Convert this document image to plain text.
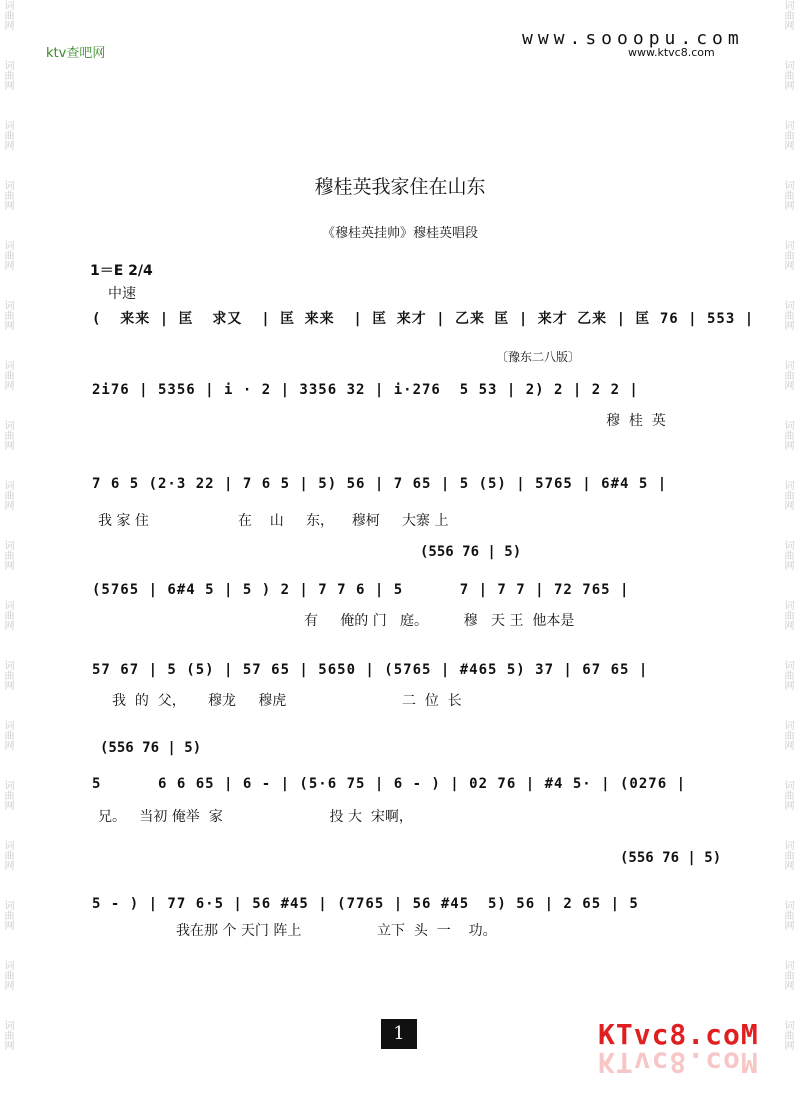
词曲网
词曲网
词曲网
词曲网
词曲网
词曲网
词曲网
词曲网
词曲网
词曲网
词曲网
词曲网
词曲网
词曲网
词曲网
词曲网
词曲网
词曲网
词曲网
词曲网
词曲网
词曲网
词曲网
词曲网
词曲网
词曲网
词曲网
词曲网
词曲网
词曲网
词曲网
词曲网
词曲网
词曲网
词曲网
词曲网
ktv查吧网
www.sooopu.com
www.ktvc8.com
穆桂英我家住在山东
《穆桂英挂帅》穆桂英唱段
1＝E 2/4
中速
〔豫东二八版〕
(  来来 | 匡  求又  | 匡 来来  | 匡 来才 | 乙来 匡 | 来才 乙来 | 匡 76 | 553 |
2i76 | 5356 | i · 2 | 3356 32 | i·276  5 53 | 2) 2 | 2 2 |
穆  桂  英
7 6 5 (2·3 22 | 7 6 5 | 5) 56 | 7 65 | 5 (5) | 5765 | 6#4 5 |
我 家 住                    在    山     东，    穆柯     大寨 上
(556 76 | 5)
(5765 | 6#4 5 | 5 ) 2 | 7 7 6 | 5      7 | 7 7 | 72 765 |
有     俺的 门   庭。        穆   天 王  他本是
57 67 | 5 (5) | 57 65 | 5650 | (5765 | #465 5) 37 | 67 65 |
我  的  父，     穆龙     穆虎                          二  位  长
(556 76 | 5)
5      6 6 65 | 6 - | (5·6 75 | 6 - ) | 02 76 | #4 5· | (0276 |
兄。   当初 俺举  家                        投 大  宋啊，
(556 76 | 5)
5 - ) | 77 6·5 | 56 #45 | (7765 | 56 #45  5) 56 | 2 65 | 5
我在那 个 天门 阵上                 立下  头  一    功。
1	KTvc8.coM
KTvc8.coM
